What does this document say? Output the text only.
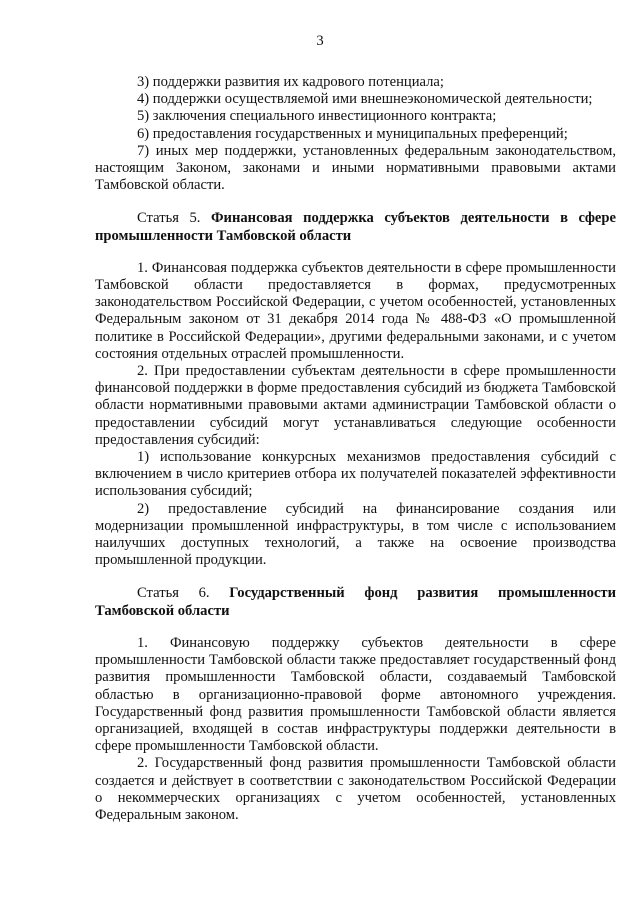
3

3) поддержки развития их кадрового потенциала;

4) поддержки осуществляемой ими внешнеэкономической деятельности;

5) заключения специального инвестиционного контракта;

6) предоставления государственных и муниципальных преференций;

7) иных мер поддержки, установленных федеральным законодательством, настоящим Законом, законами и иными нормативными правовыми актами Тамбовской области.

Статья 5. Финансовая поддержка субъектов деятельности в сфере промышленности Тамбовской области

1. Финансовая поддержка субъектов деятельности в сфере промышленности Тамбовской области предоставляется в формах, предусмотренных законодательством Российской Федерации, с учетом особенностей, установленных Федеральным законом от 31 декабря 2014 года № 488-ФЗ «О промышленной политике в Российской Федерации», другими федеральными законами, и с учетом состояния отдельных отраслей промышленности.

2. При предоставлении субъектам деятельности в сфере промышленности финансовой поддержки в форме предоставления субсидий из бюджета Тамбовской области нормативными правовыми актами администрации Тамбовской области о предоставлении субсидий могут устанавливаться следующие особенности предоставления субсидий:

1) использование конкурсных механизмов предоставления субсидий с включением в число критериев отбора их получателей показателей эффективности использования субсидий;

2) предоставление субсидий на финансирование создания или модернизации промышленной инфраструктуры, в том числе с использованием наилучших доступных технологий, а также на освоение производства промышленной продукции.

Статья 6. Государственный фонд развития промышленности Тамбовской области

1. Финансовую поддержку субъектов деятельности в сфере промышленности Тамбовской области также предоставляет государственный фонд развития промышленности Тамбовской области, создаваемый Тамбовской областью в организационно-правовой форме автономного учреждения. Государственный фонд развития промышленности Тамбовской области является организацией, входящей в состав инфраструктуры поддержки деятельности в сфере промышленности Тамбовской области.

2. Государственный фонд развития промышленности Тамбовской области создается и действует в соответствии с законодательством Российской Федерации о некоммерческих организациях с учетом особенностей, установленных Федеральным законом.
